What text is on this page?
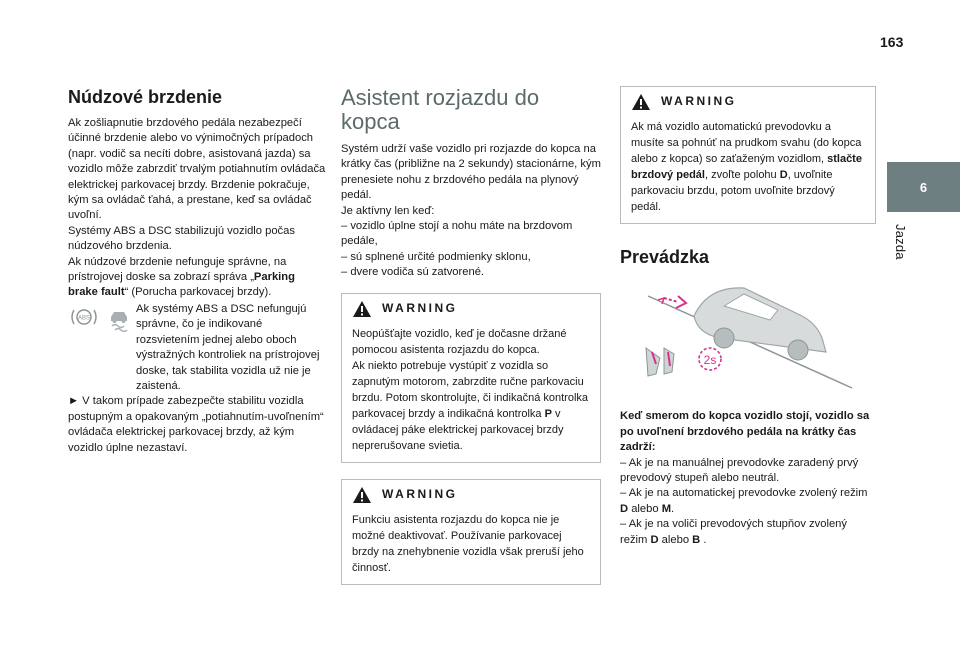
163
6
Jazda
Núdzové brzdenie

Ak zošliapnutie brzdového pedála nezabezpečí účinné brzdenie alebo vo výnimočných prípadoch (napr. vodič sa necíti dobre, asistovaná jazda) sa vozidlo môže zabrzdiť trvalým potiahnutím ovládača elektrickej parkovacej brzdy. Brzdenie pokračuje, kým sa ovládač ťahá, a prestane, keď sa ovládač uvoľní.

Systémy ABS a DSC stabilizujú vozidlo počas núdzového brzdenia.

Ak núdzové brzdenie nefunguje správne, na prístrojovej doske sa zobrazí správa „Parking brake fault“ (Porucha parkovacej brzdy).

ABS

Ak systémy ABS a DSC nefungujú správne, čo je indikované rozsvietením jednej alebo oboch výstražných kontroliek na prístrojovej doske, tak stabilita vozidla už nie je zaistená.

► V takom prípade zabezpečte stabilitu vozidla postupným a opakovaným „potiahnutím-uvoľnením“ ovládača elektrickej parkovacej brzdy, až kým vozidlo úplne nezastaví.

Asistent rozjazdu do kopca

Systém udrží vaše vozidlo pri rozjazde do kopca na krátky čas (približne na 2 sekundy) stacionárne, kým prenesiete nohu z brzdového pedála na plynový pedál.

Je aktívny len keď:

– vozidlo úplne stojí a nohu máte na brzdovom pedále,

– sú splnené určité podmienky sklonu,

– dvere vodiča sú zatvorené.

WARNING

Neopúšťajte vozidlo, keď je dočasne držané pomocou asistenta rozjazdu do kopca.

Ak niekto potrebuje vystúpiť z vozidla so zapnutým motorom, zabrzdite ručne parkovaciu brzdu. Potom skontrolujte, či indikačná kontrolka parkovacej brzdy a indikačná kontrolka P v ovládacej páke elektrickej parkovacej brzdy neprerušovane svietia.

WARNING

Funkciu asistenta rozjazdu do kopca nie je možné deaktivovať. Používanie parkovacej brzdy na znehybnenie vozidla však preruší jeho činnosť.

WARNING

Ak má vozidlo automatickú prevodovku a musíte sa pohnúť na prudkom svahu (do kopca alebo z kopca) so zaťaženým vozidlom, stlačte brzdový pedál, zvoľte polohu D, uvoľnite parkovaciu brzdu, potom uvoľnite brzdový pedál.

Prevádzka
2s

Keď smerom do kopca vozidlo stojí, vozidlo sa po uvoľnení brzdového pedála na krátky čas zadrží:

– Ak je na manuálnej prevodovke zaradený prvý prevodový stupeň alebo neutrál.

– Ak je na automatickej prevodovke zvolený režim D alebo M.

– Ak je na voliči prevodových stupňov zvolený režim D alebo B .
